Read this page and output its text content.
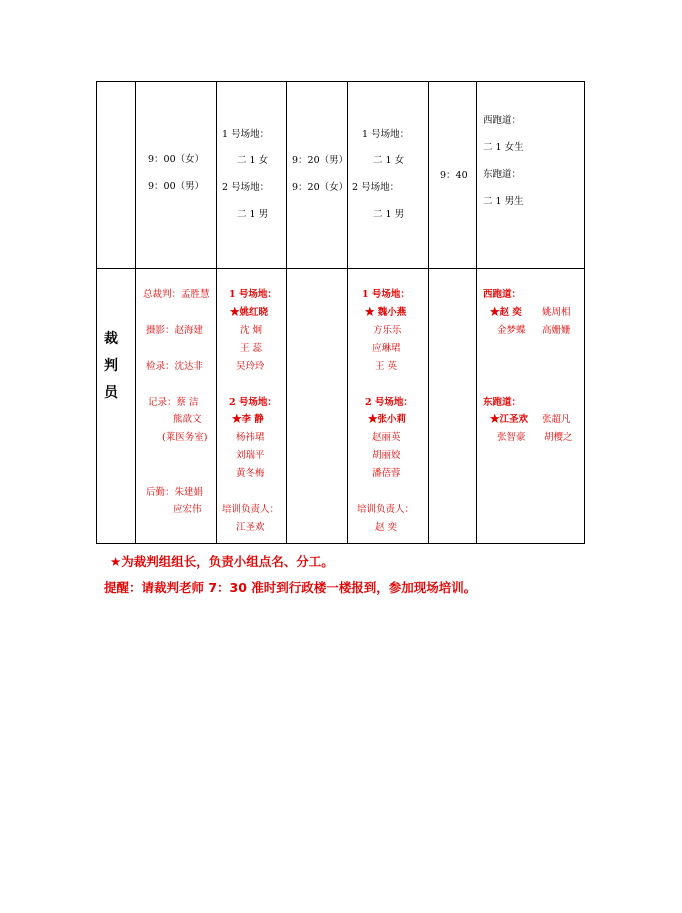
9：00（女）
9：00（男）
1 号场地：
二 1 女
2 号场地：
二 1 男
9：20（男）
9：20（女）
1 号场地：
二 1 女
2 号场地：
二 1 男
9：40
西跑道：
二 1 女生
东跑道：
二 1 男生
裁
判
员
总裁判：孟胜慧
摄影：赵海建
检录：沈达非
记录：蔡 洁
熊歆文
(莱医务室)
后勤：朱建娟
应宏伟
1 号场地：
★姚红晓
沈 炯
王 蕊
吴玲玲
2 号场地：
★李 静
杨祎珺
刘瑞平
黄冬梅
培训负责人：
江圣欢
1 号场地：
★ 魏小燕
方乐乐
应琳珺
王 英
2 号场地：
★张小莉
赵丽英
胡丽姣
潘蓓蓉
培训负责人：
赵 奕
西跑道：
★赵 奕 姚周相
金梦蝶 高姗姗
东跑道：
★江圣欢 张超凡
张智豪 胡樱之
★为裁判组组长，负责小组点名、分工。
提醒：请裁判老师 7：30 准时到行政楼一楼报到，参加现场培训。
